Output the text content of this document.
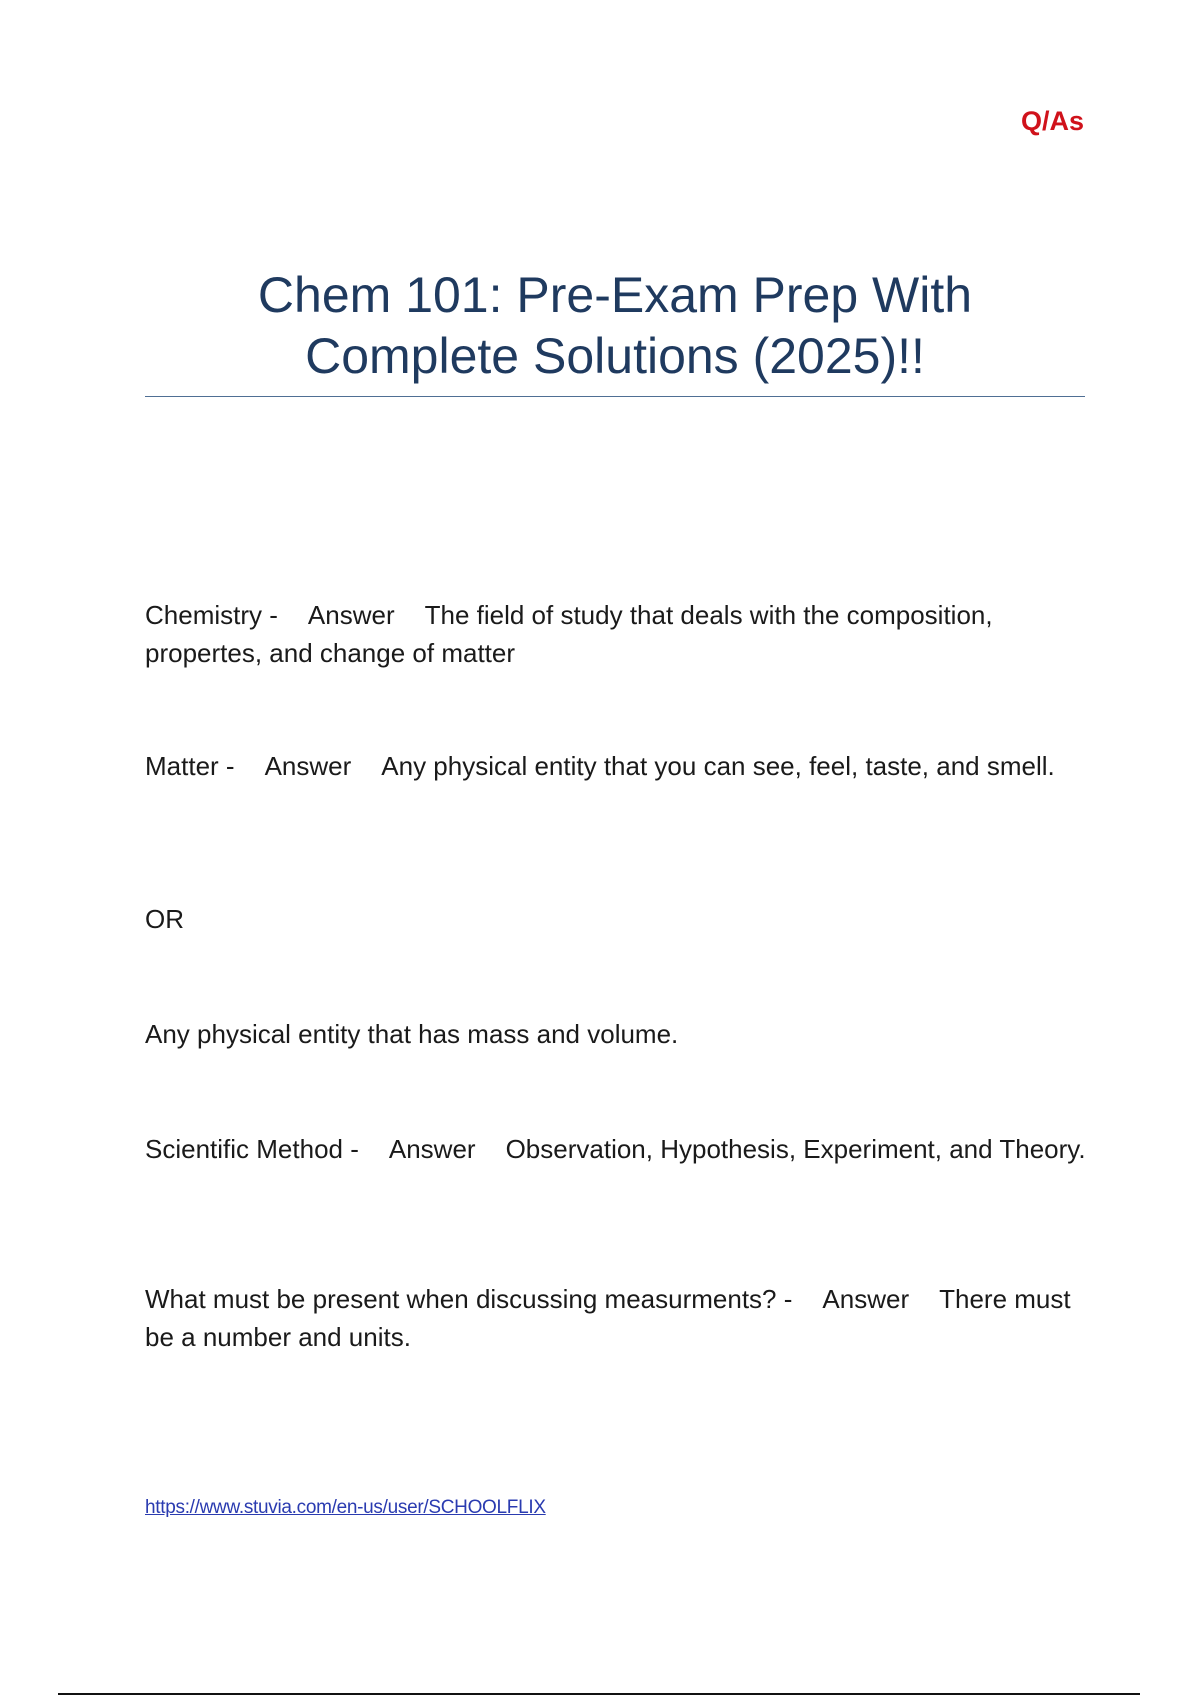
Q/As
Chem 101: Pre-Exam Prep With
Complete Solutions (2025)!!
Chemistry - Answer The field of study that deals with the composition, propertes, and change of matter
Matter - Answer Any physical entity that you can see, feel, taste, and smell.
OR
Any physical entity that has mass and volume.
Scientific Method - Answer Observation, Hypothesis, Experiment, and Theory.
What must be present when discussing measurments? - Answer There must be a number and units.
https://www.stuvia.com/en-us/user/SCHOOLFLIX
